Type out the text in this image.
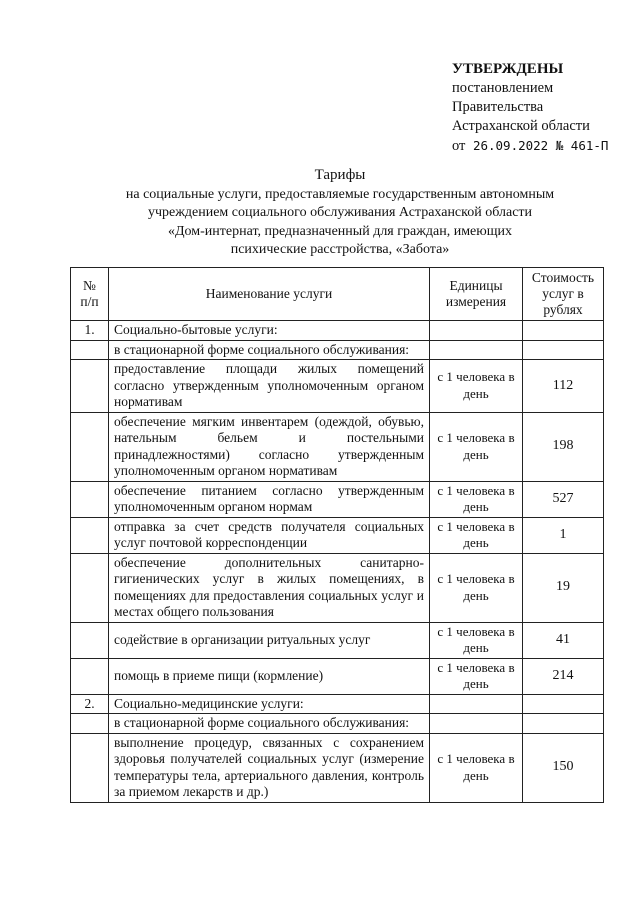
УТВЕРЖДЕНЫ
постановлением
Правительства
Астраханской области
от 26.09.2022 № 461-П
Тарифы
на социальные услуги, предоставляемые государственным автономным
учреждением социального обслуживания Астраханской области
«Дом-интернат, предназначенный для граждан, имеющих
психические расстройства, «Забота»
№ п/п	Наименование услуги	Единицы измерения	Стоимость услуг в рублях
1.	Социально-бытовые услуги:		
	в стационарной форме социального обслуживания:		
	предоставление площади жилых помещений согласно утвержденным уполномоченным органом нормативам	с 1 человека в день	112
	обеспечение мягким инвентарем (одеждой, обувью, нательным бельем и постельными принадлежностями) согласно утвержденным уполномоченным органом нормативам	с 1 человека в день	198
	обеспечение питанием согласно утвержденным уполномоченным органом нормам	с 1 человека в день	527
	отправка за счет средств получателя социальных услуг почтовой корреспонденции	с 1 человека в день	1
	обеспечение дополнительных санитарно-гигиенических услуг в жилых помещениях, в помещениях для предоставления социальных услуг и местах общего пользования	с 1 человека в день	19
	содействие в организации ритуальных услуг	с 1 человека в день	41
	помощь в приеме пищи (кормление)	с 1 человека в день	214
2.	Социально-медицинские услуги:		
	в стационарной форме социального обслуживания:		
	выполнение процедур, связанных с сохранением здоровья получателей социальных услуг (измерение температуры тела, артериального давления, контроль за приемом лекарств и др.)	с 1 человека в день	150
